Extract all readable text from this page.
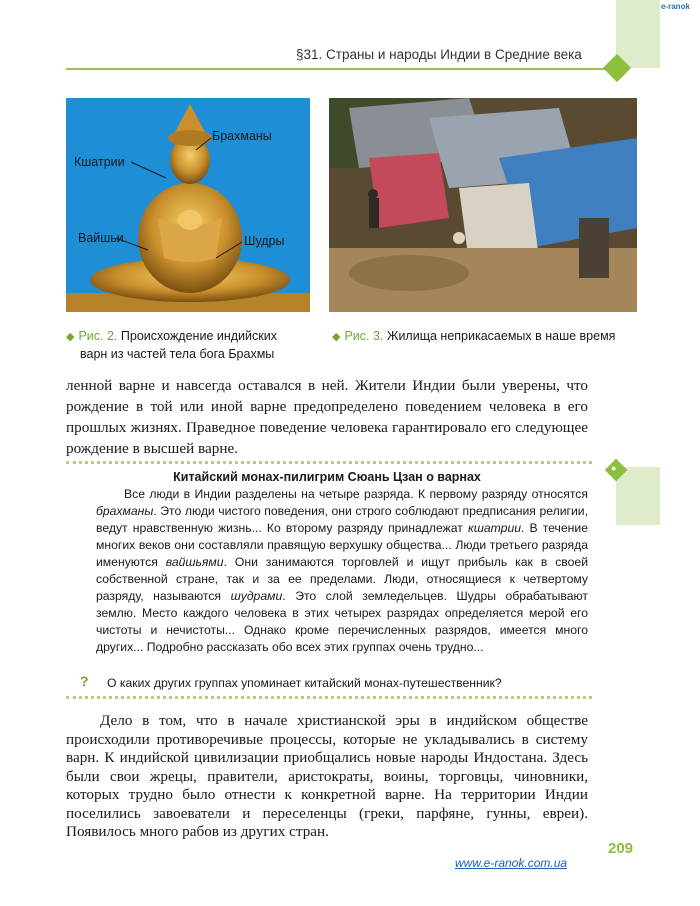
e-ranok
§31. Страны и народы Индии в Средние века
Брахманы
Кшатрии
Вайшьи	Шудры
◆ Рис. 2. Происхождение индийских
варн из частей тела бога Брахмы
◆ Рис. 3. Жилища неприкасаемых в наше время
ленной варне и навсегда оставался в ней. Жители Индии были уверены, что рождение в той или иной варне предопределено поведением человека в его прошлых жизнях. Праведное поведение человека гарантировало его следующее рождение в высшей варне.
●
Китайский монах-пилигрим Сюань Цзан о варнах
Все люди в Индии разделены на четыре разряда. К первому разряду относятся брахманы. Это люди чистого поведения, они строго соблюдают предписания религии, ведут нравственную жизнь... Ко второму разряду принадлежат кшатрии. В течение многих веков они составляли правящую верхушку общества... Люди третьего разряда именуются вайшьями. Они занимаются торговлей и ищут прибыль как в своей собственной стране, так и за ее пределами. Люди, относящиеся к четвертому разряду, называются шудрами. Это слой земледельцев. Шудры обрабатывают землю. Место каждого человека в этих четырех разрядах определяется мерой его чистоты и нечистоты... Однако кроме перечисленных разрядов, имеется много других... Подробно рассказать обо всех этих группах очень трудно...
? О каких других группах упоминает китайский монах-путешественник?
Дело в том, что в начале христианской эры в индийском обществе происходили противоречивые процессы, которые не укладывались в систему варн. К индийской цивилизации приобщались новые народы Индостана. Здесь были свои жрецы, правители, аристократы, воины, торговцы, чиновники, которых трудно было отнести к конкретной варне. На территории Индии поселились завоеватели и переселенцы (греки, парфяне, гунны, евреи). Появилось много рабов из других стран.
209
www.e-ranok.com.ua
